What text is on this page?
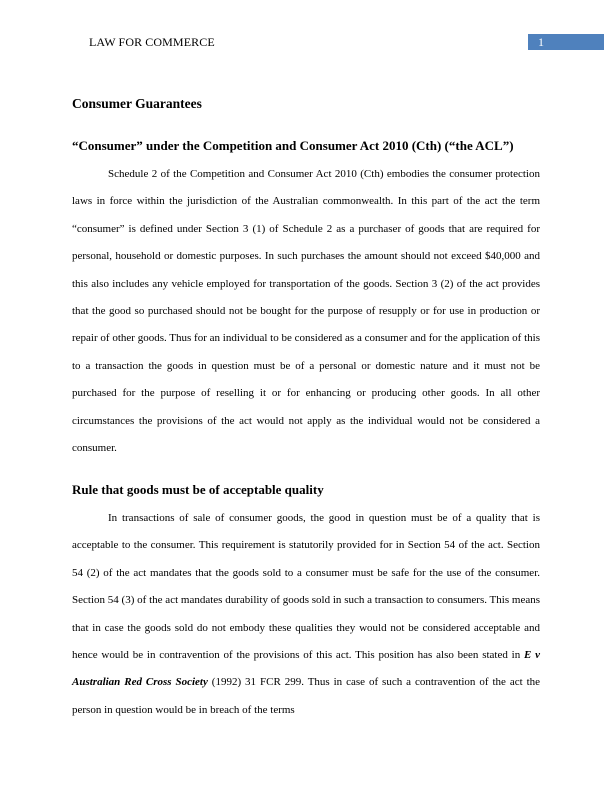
LAW FOR COMMERCE	1
Consumer Guarantees
“Consumer” under the Competition and Consumer Act 2010 (Cth) (“the ACL”)

Schedule 2 of the Competition and Consumer Act 2010 (Cth) embodies the consumer protection laws in force within the jurisdiction of the Australian commonwealth. In this part of the act the term “consumer” is defined under Section 3 (1) of Schedule 2 as a purchaser of goods that are required for personal, household or domestic purposes. In such purchases the amount should not exceed $40,000 and this also includes any vehicle employed for transportation of the goods. Section 3 (2) of the act provides that the good so purchased should not be bought for the purpose of resupply or for use in production or repair of other goods. Thus for an individual to be considered as a consumer and for the application of this to a transaction the goods in question must be of a personal or domestic nature and it must not be purchased for the purpose of reselling it or for enhancing or producing other goods. In all other circumstances the provisions of the act would not apply as the individual would not be considered a consumer.

Rule that goods must be of acceptable quality

In transactions of sale of consumer goods, the good in question must be of a quality that is acceptable to the consumer. This requirement is statutorily provided for in Section 54 of the act. Section 54 (2) of the act mandates that the goods sold to a consumer must be safe for the use of the consumer. Section 54 (3) of the act mandates durability of goods sold in such a transaction to consumers. This means that in case the goods sold do not embody these qualities they would not be considered acceptable and hence would be in contravention of the provisions of this act. This position has also been stated in E v Australian Red Cross Society (1992) 31 FCR 299. Thus in case of such a contravention of the act the person in question would be in breach of the terms
